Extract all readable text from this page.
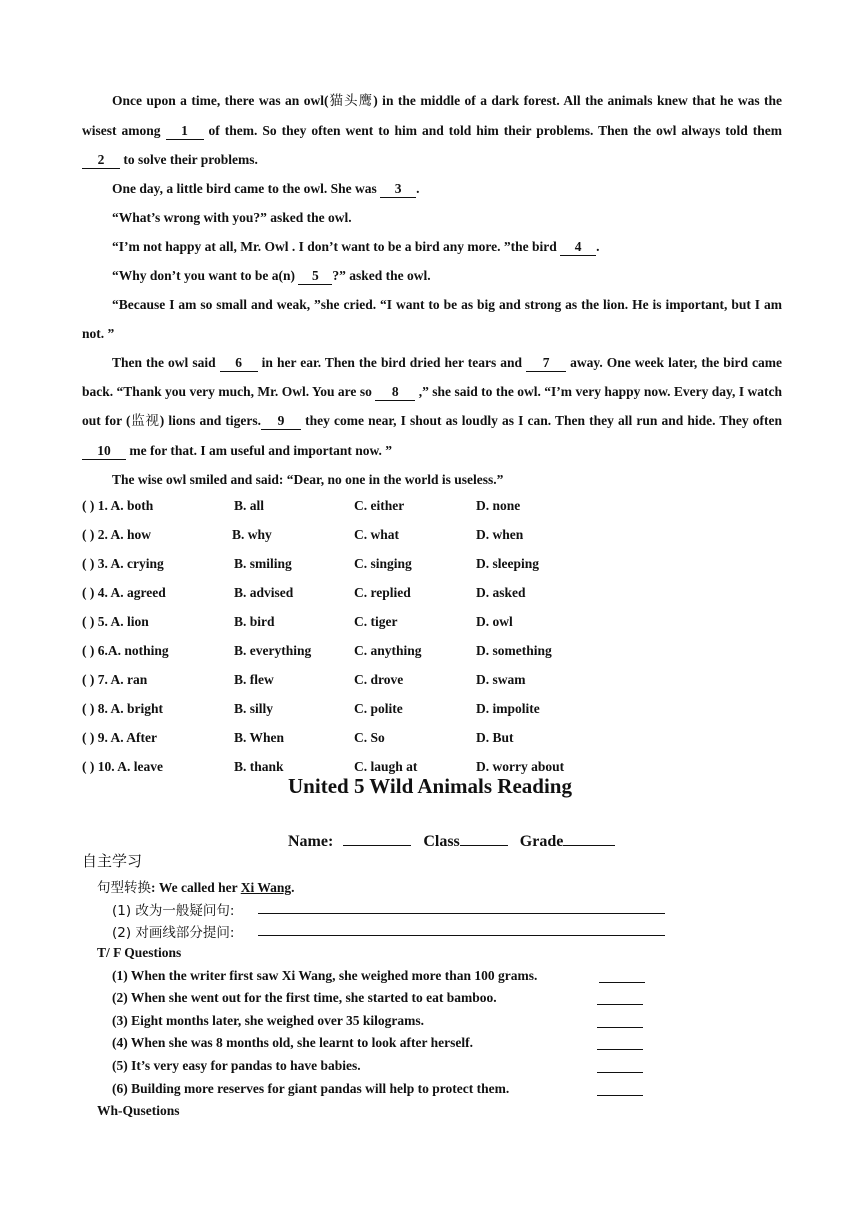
Once upon a time, there was an owl(猫头鹰) in the middle of a dark forest. All the animals knew that he was the wisest among 1 of them. So they often went to him and told him their problems. Then the owl always told them 2 to solve their problems.

One day, a little bird came to the owl. She was 3 .

“What’s wrong with you?” asked the owl.

“I’m not happy at all, Mr. Owl . I don’t want to be a bird any more. ”the bird 4 .

“Why don’t you want to be a(n) 5 ?” asked the owl.

“Because I am so small and weak, ”she cried. “I want to be as big and strong as the lion. He is important, but I am not. ”

Then the owl said 6 in her ear. Then the bird dried her tears and 7 away. One week later, the bird came back. “Thank you very much, Mr. Owl. You are so 8 ,” she said to the owl. “I’m very happy now. Every day, I watch out for (监视) lions and tigers. 9 they come near, I shout as loudly as I can. Then they all run and hide. They often 10 me for that. I am useful and important now. ”

The wise owl smiled and said: “Dear, no one in the world is useless.”

( ) 1. A. both	B. all	C. either	D. none
( ) 2. A. how	B. why	C. what	D. when
( ) 3. A. crying	B. smiling	C. singing	D. sleeping
( ) 4. A. agreed	B. advised	C. replied	D. asked
( ) 5. A. lion	B. bird	C. tiger	D. owl
( ) 6.A. nothing	B. everything	C. anything	D. something
( ) 7. A. ran	B. flew	C. drove	D. swam
( ) 8. A. bright	B. silly	C. polite	D. impolite
( ) 9. A. After	B. When	C. So	D. But
( ) 10. A. leave	B. thank	C. laugh at	D. worry about
United 5 Wild Animals Reading
Name:	Class	Grade
自主学习
句型转换: We called her Xi Wang.
(1) 改为一般疑问句:
(2) 对画线部分提问:
T/ F Questions
(1) When the writer first saw Xi Wang, she weighed more than 100 grams.
(2) When she went out for the first time, she started to eat bamboo.
(3) Eight months later, she weighed over 35 kilograms.
(4) When she was 8 months old, she learnt to look after herself.
(5) It’s very easy for pandas to have babies.
(6) Building more reserves for giant pandas will help to protect them.
Wh-Qusetions
